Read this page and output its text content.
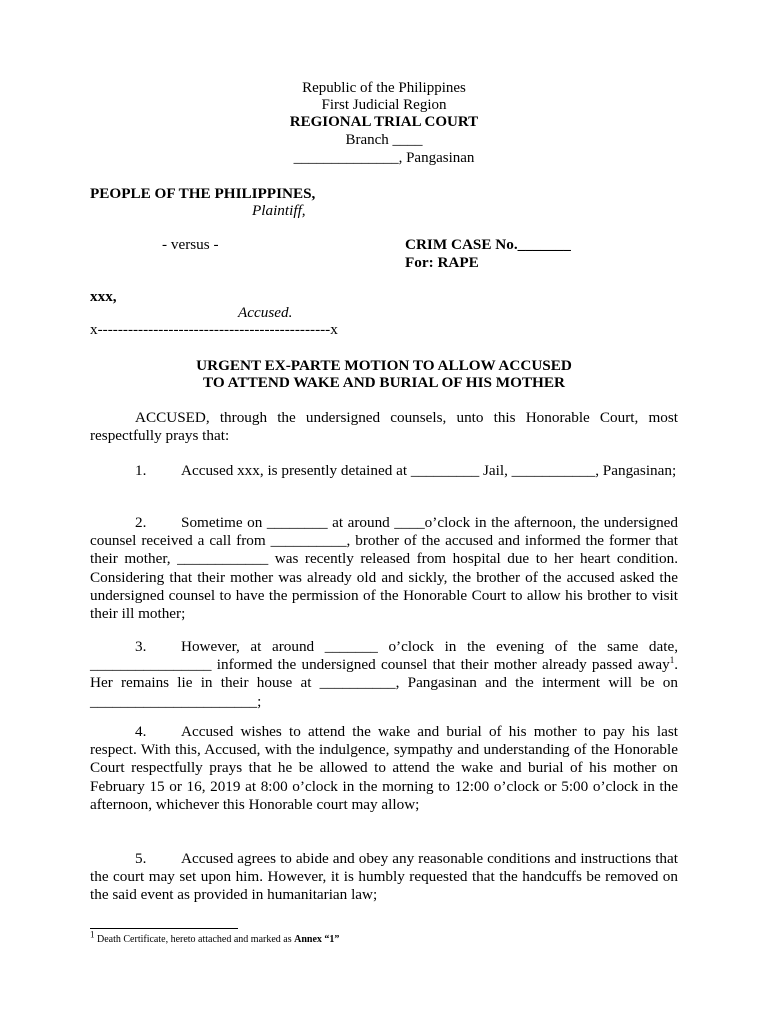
Republic of the Philippines
First Judicial Region
REGIONAL TRIAL COURT
Branch ____
______________, Pangasinan
PEOPLE OF THE PHILIPPINES,
Plaintiff,
- versus -	CRIM CASE No._______
For: RAPE
xxx,
Accused.
x----------------------------------------------x
URGENT EX-PARTE MOTION TO ALLOW ACCUSED
TO ATTEND WAKE AND BURIAL OF HIS MOTHER
ACCUSED, through the undersigned counsels, unto this Honorable Court, most respectfully prays that:
1. Accused xxx, is presently detained at _________ Jail, ___________, Pangasinan;
2. Sometime on ________ at around ____o’clock in the afternoon, the undersigned counsel received a call from __________, brother of the accused and informed the former that their mother, ____________ was recently released from hospital due to her heart condition. Considering that their mother was already old and sickly, the brother of the accused asked the undersigned counsel to have the permission of the Honorable Court to allow his brother to visit their ill mother;
3. However, at around _______ o’clock in the evening of the same date, ________________ informed the undersigned counsel that their mother already passed away$^1$. Her remains lie in their house at __________, Pangasinan and the interment will be on ______________________;
4. Accused wishes to attend the wake and burial of his mother to pay his last respect. With this, Accused, with the indulgence, sympathy and understanding of the Honorable Court respectfully prays that he be allowed to attend the wake and burial of his mother on February 15 or 16, 2019 at 8:00 o’clock in the morning to 12:00 o’clock or 5:00 o’clock in the afternoon, whichever this Honorable court may allow;
5. Accused agrees to abide and obey any reasonable conditions and instructions that the court may set upon him. However, it is humbly requested that the handcuffs be removed on the said event as provided in humanitarian law;
$^1$ Death Certificate, hereto attached and marked as Annex “1”
